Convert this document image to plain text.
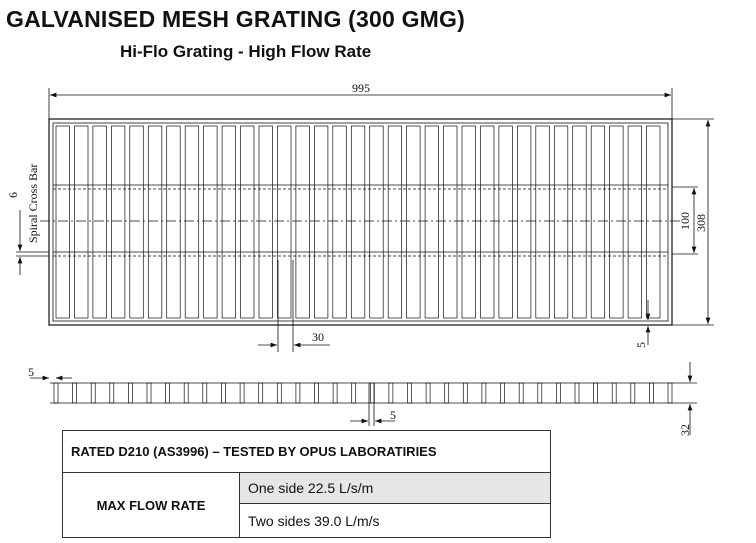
GALVANISED MESH GRATING (300 GMG)
Hi-Flo Grating - High Flow Rate
995
Spiral Cross Bar
6
100 308
30
5
5
5
32
RATED D210 (AS3996) – TESTED BY OPUS LABORATIRIES
MAX FLOW RATE	One side 22.5 L/s/m
Two sides 39.0 L/m/s
